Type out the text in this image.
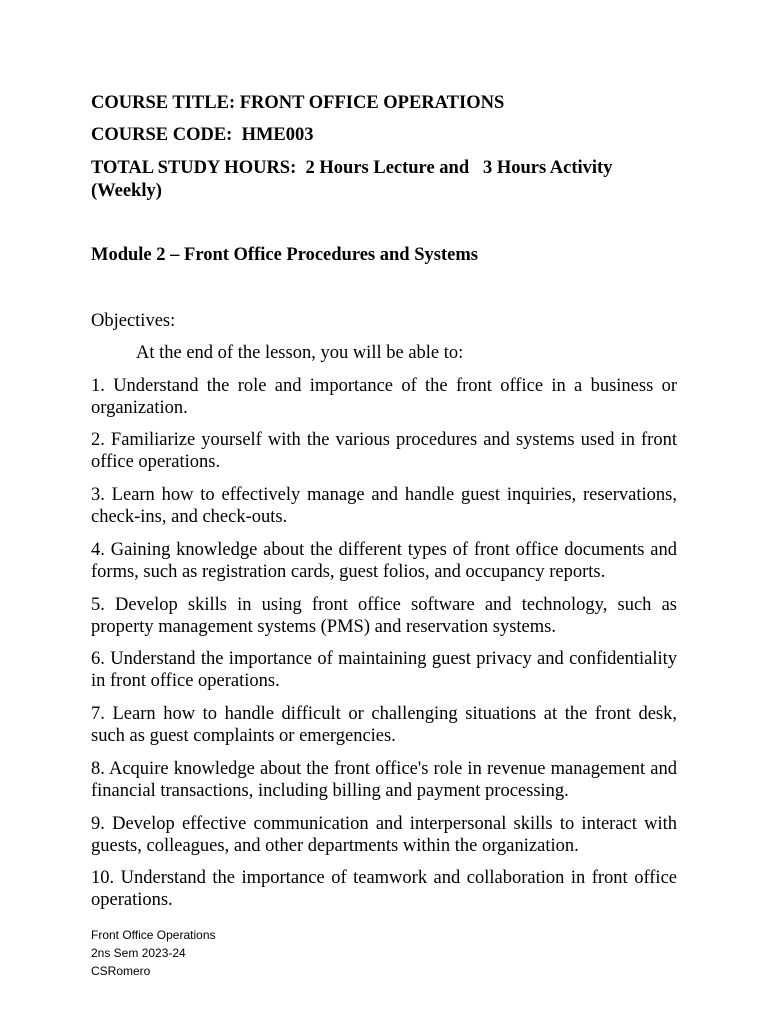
COURSE TITLE: FRONT OFFICE OPERATIONS
COURSE CODE:  HME003
TOTAL STUDY HOURS:  2 Hours Lecture and   3 Hours Activity
(Weekly)
Module 2 – Front Office Procedures and Systems
Objectives:
At the end of the lesson, you will be able to:
1. Understand the role and importance of the front office in a business or organization.
2. Familiarize yourself with the various procedures and systems used in front office operations.
3. Learn how to effectively manage and handle guest inquiries, reservations, check-ins, and check-outs.
4. Gaining knowledge about the different types of front office documents and forms, such as registration cards, guest folios, and occupancy reports.
5. Develop skills in using front office software and technology, such as property management systems (PMS) and reservation systems.
6. Understand the importance of maintaining guest privacy and confidentiality in front office operations.
7. Learn how to handle difficult or challenging situations at the front desk, such as guest complaints or emergencies.
8. Acquire knowledge about the front office's role in revenue management and financial transactions, including billing and payment processing.
9. Develop effective communication and interpersonal skills to interact with guests, colleagues, and other departments within the organization.
10. Understand the importance of teamwork and collaboration in front office operations.
Front Office Operations
2ns Sem 2023-24
CSRomero
